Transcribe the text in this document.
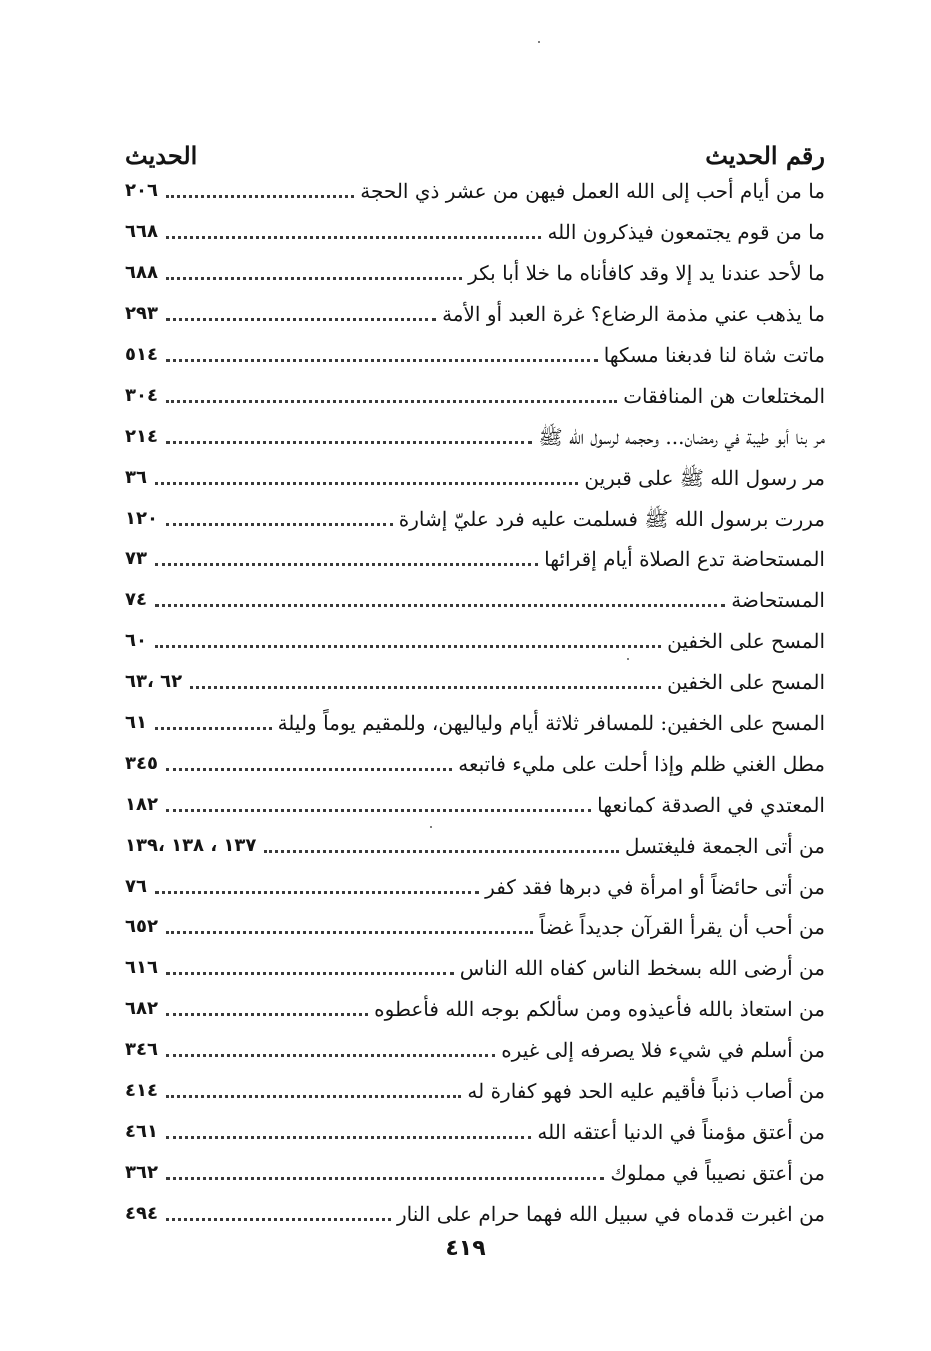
الحديث	رقم الحديث
ما من أيام أحب إلى الله العمل فيهن من عشر ذي الحجة
٢٠٦
ما من قوم يجتمعون فيذكرون الله
٦٦٨
ما لأحد عندنا يد إلا وقد كافأناه ما خلا أبا بكر
٦٨٨
ما يذهب عني مذمة الرضاع؟ غرة العبد أو الأمة
٢٩٣
ماتت شاة لنا فدبغنا مسكها
٥١٤
المختلعات هن المنافقات
٣٠٤
مر بنا أبو طيبة في رمضان... وحجمه لرسول الله ﷺ
٢١٤
مر رسول الله ﷺ على قبرين
٣٦
مررت برسول الله ﷺ فسلمت عليه فرد عليّ إشارة
١٢٠
المستحاضة تدع الصلاة أيام إقرائها
٧٣
المستحاضة
٧٤
المسح على الخفين
٦٠
المسح على الخفين
٦٢ ،٦٣
المسح على الخفين: للمسافر ثلاثة أيام ولياليهن، وللمقيم يوماً وليلة
٦١
مطل الغني ظلم وإذا أحلت على مليء فاتبعه
٣٤٥
المعتدي في الصدقة كمانعها
١٨٢
من أتى الجمعة فليغتسل
١٣٧ ، ١٣٨ ،١٣٩
من أتى حائضاً أو امرأة في دبرها فقد كفر
٧٦
من أحب أن يقرأ القرآن جديداً غضاً
٦٥٢
من أرضى الله بسخط الناس كفاه الله الناس
٦١٦
من استعاذ بالله فأعيذوه ومن سألكم بوجه الله فأعطوه
٦٨٢
من أسلم في شيء فلا يصرفه إلى غيره
٣٤٦
من أصاب ذنباً فأقيم عليه الحد فهو كفارة له
٤١٤
من أعتق مؤمناً في الدنيا أعتقه الله
٤٦١
من أعتق نصيباً في مملوك
٣٦٢
من اغبرت قدماه في سبيل الله فهما حرام على النار
٤٩٤
٤١٩
